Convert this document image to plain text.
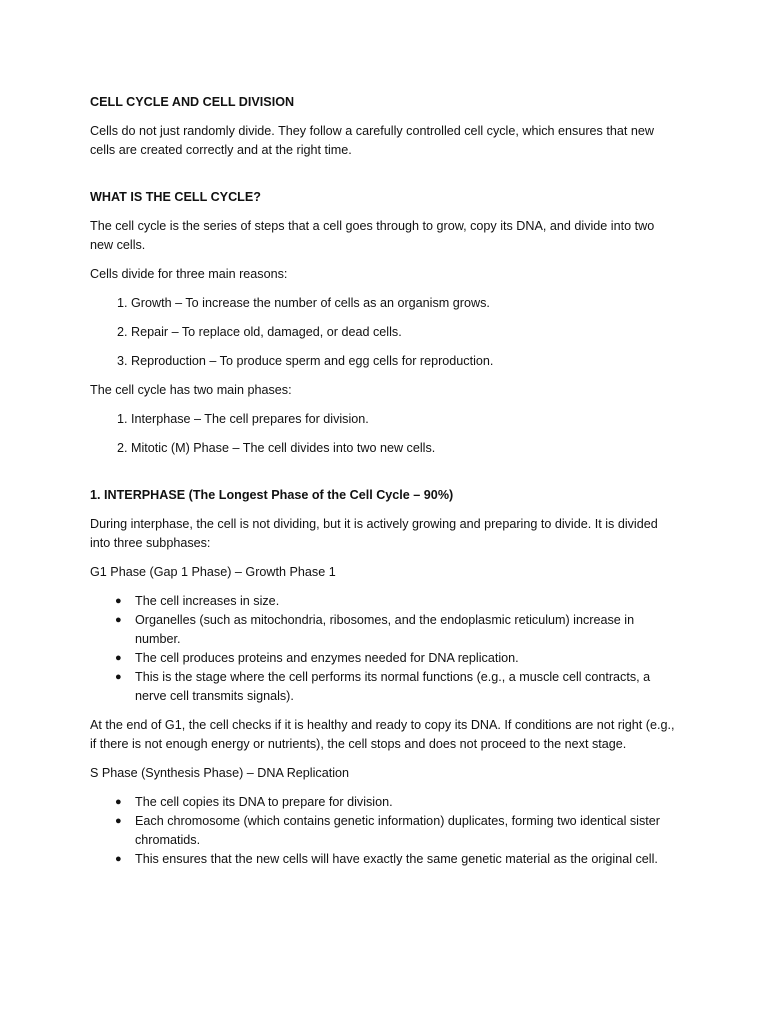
CELL CYCLE AND CELL DIVISION

Cells do not just randomly divide. They follow a carefully controlled cell cycle, which ensures that new cells are created correctly and at the right time.

WHAT IS THE CELL CYCLE?

The cell cycle is the series of steps that a cell goes through to grow, copy its DNA, and divide into two new cells.

Cells divide for three main reasons:

1. Growth – To increase the number of cells as an organism grows.
2. Repair – To replace old, damaged, or dead cells.
3. Reproduction – To produce sperm and egg cells for reproduction.

The cell cycle has two main phases:

1. Interphase – The cell prepares for division.
2. Mitotic (M) Phase – The cell divides into two new cells.
1. INTERPHASE (The Longest Phase of the Cell Cycle – 90%)

During interphase, the cell is not dividing, but it is actively growing and preparing to divide. It is divided into three subphases:

G1 Phase (Gap 1 Phase) – Growth Phase 1

● The cell increases in size.
● Organelles (such as mitochondria, ribosomes, and the endoplasmic reticulum) increase in number.
● The cell produces proteins and enzymes needed for DNA replication.
● This is the stage where the cell performs its normal functions (e.g., a muscle cell contracts, a nerve cell transmits signals).

At the end of G1, the cell checks if it is healthy and ready to copy its DNA. If conditions are not right (e.g., if there is not enough energy or nutrients), the cell stops and does not proceed to the next stage.

S Phase (Synthesis Phase) – DNA Replication

● The cell copies its DNA to prepare for division.
● Each chromosome (which contains genetic information) duplicates, forming two identical sister chromatids.
● This ensures that the new cells will have exactly the same genetic material as the original cell.
